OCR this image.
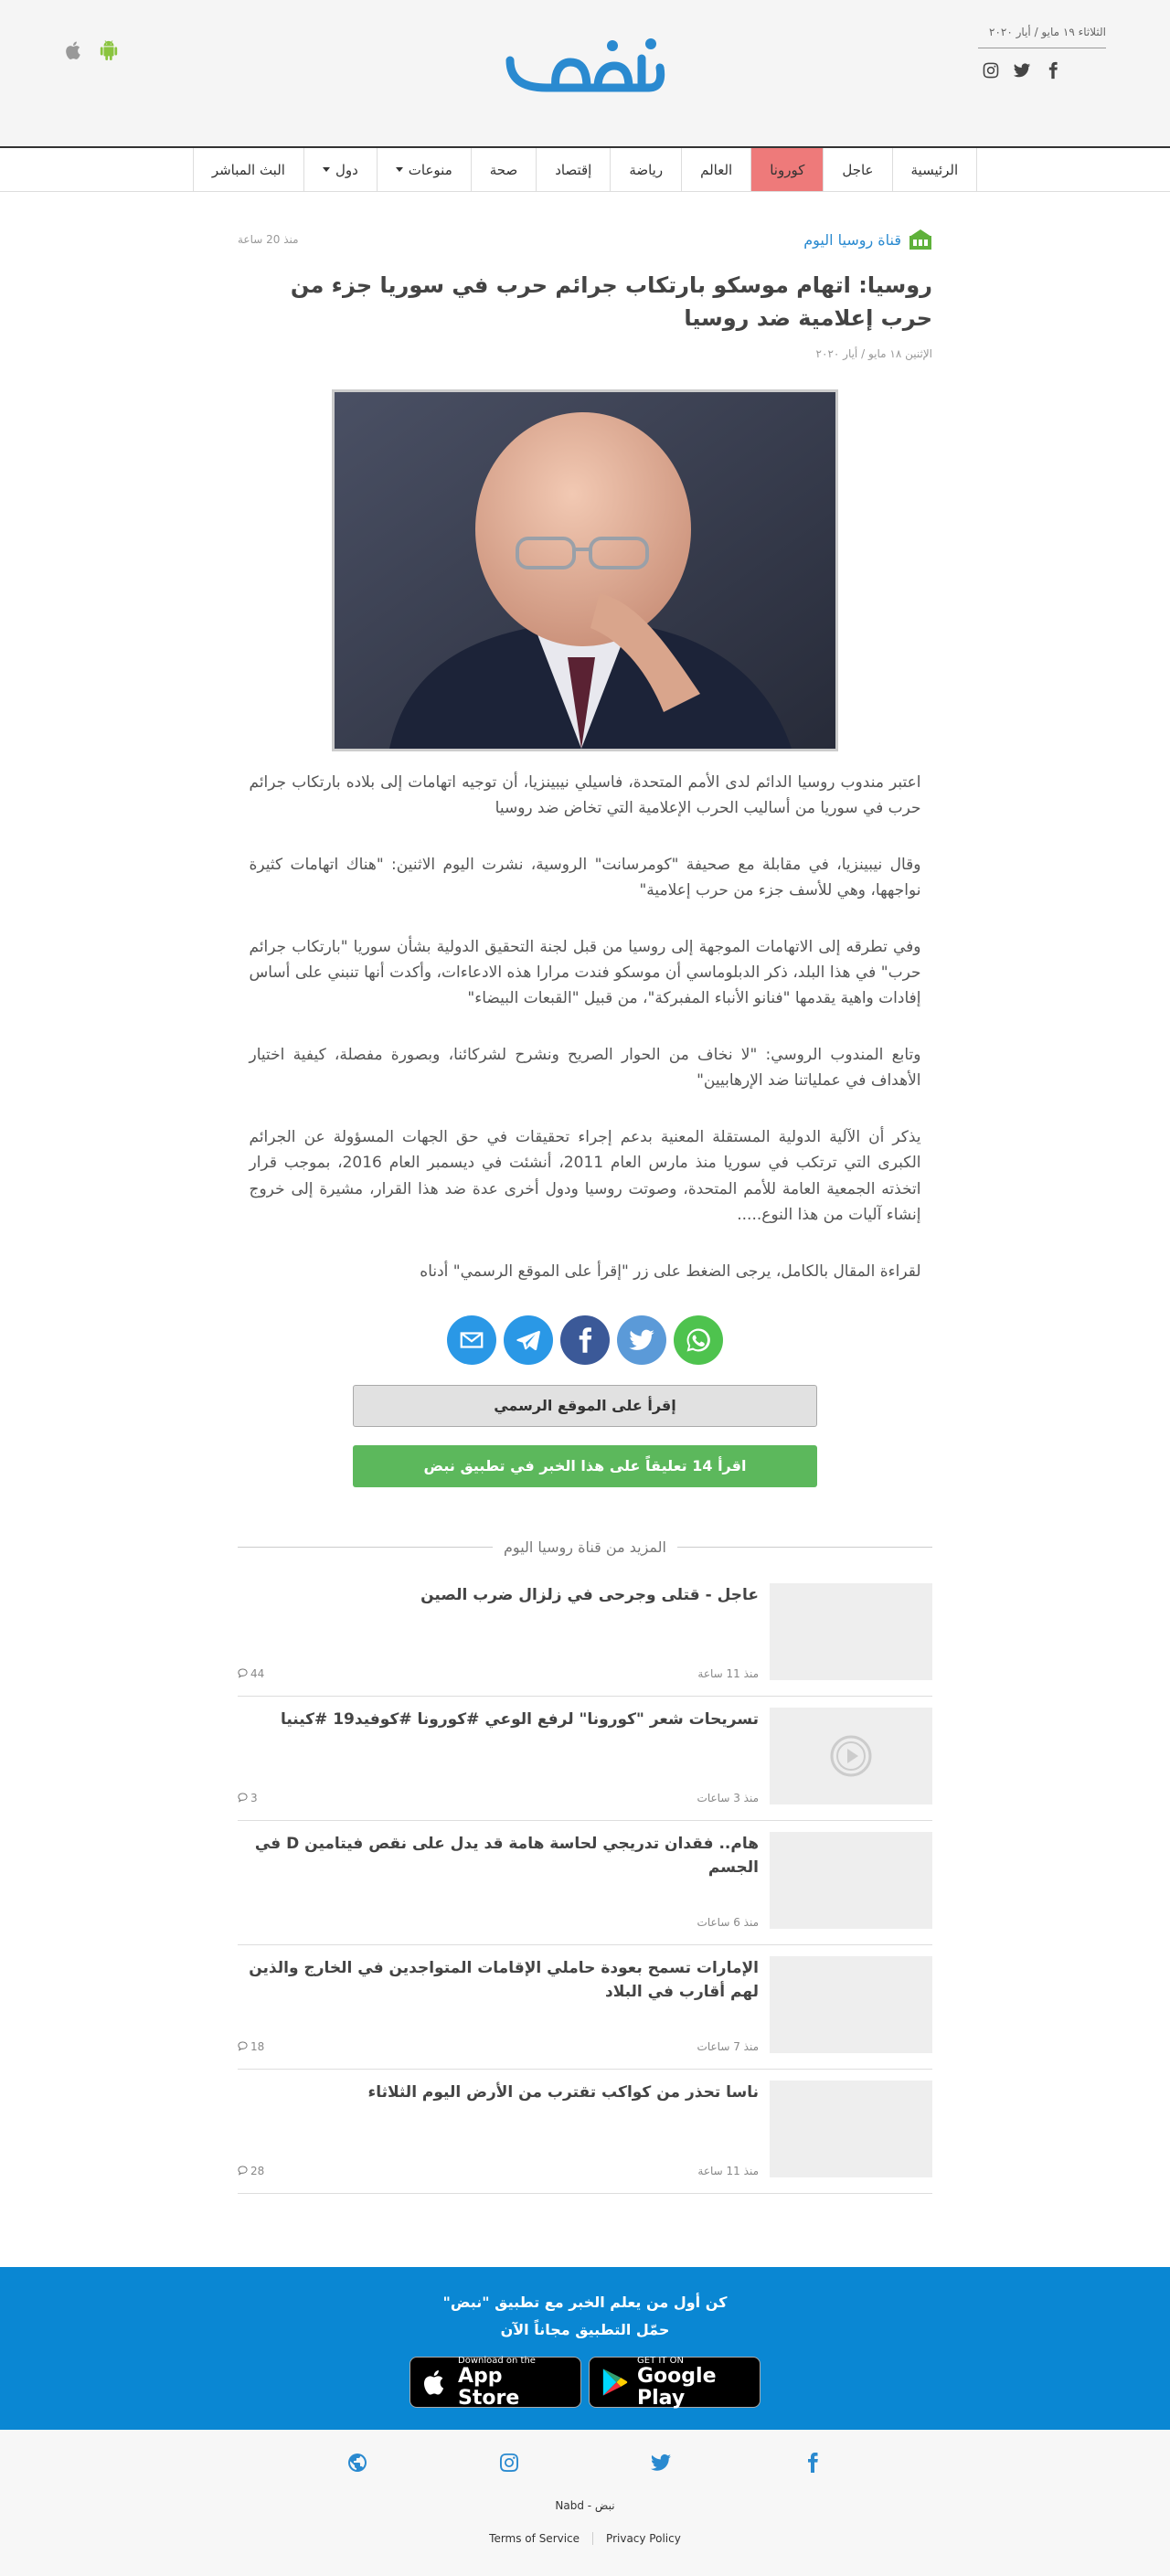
الثلاثاء ١٩ مايو / أيار ٢٠٢٠
الرئيسية
عاجل
كورونا
العالم
رياضة
إقتصاد
صحة
منوعات
دول
البث المباشر
قناة روسيا اليوم
منذ 20 ساعة
روسيا: اتهام موسكو بارتكاب جرائم حرب في سوريا جزء من حرب إعلامية ضد روسيا
الإثنين ١٨ مايو / أيار ٢٠٢٠

اعتبر مندوب روسيا الدائم لدى الأمم المتحدة، فاسيلي نيبينزيا، أن توجيه اتهامات إلى بلاده بارتكاب جرائم حرب في سوريا من أساليب الحرب الإعلامية التي تخاض ضد روسيا

وقال نيبينزيا، في مقابلة مع صحيفة "كومرسانت" الروسية، نشرت اليوم الاثنين: "هناك اتهامات كثيرة نواجهها، وهي للأسف جزء من حرب إعلامية"

وفي تطرقه إلى الاتهامات الموجهة إلى روسيا من قبل لجنة التحقيق الدولية بشأن سوريا "بارتكاب جرائم حرب" في هذا البلد، ذكر الدبلوماسي أن موسكو فندت مرارا هذه الادعاءات، وأكدت أنها تنبني على أساس إفادات واهية يقدمها "فنانو الأنباء المفبركة"، من قبيل "القبعات البيضاء"

وتابع المندوب الروسي: "لا نخاف من الحوار الصريح ونشرح لشركائنا، وبصورة مفصلة، كيفية اختيار الأهداف في عملياتنا ضد الإرهابيين"

يذكر أن الآلية الدولية المستقلة المعنية بدعم إجراء تحقيقات في حق الجهات المسؤولة عن الجرائم الكبرى التي ترتكب في سوريا منذ مارس العام 2011، أنشئت في ديسمبر العام 2016، بموجب قرار اتخذته الجمعية العامة للأمم المتحدة، وصوتت روسيا ودول أخرى عدة ضد هذا القرار، مشيرة إلى خروج إنشاء آليات من هذا النوع.....

لقراءة المقال بالكامل، يرجى الضغط على زر "إقرأ على الموقع الرسمي" أدناه

إقرأ على الموقع الرسمي
اقرأ 14 تعليقاً على هذا الخبر في تطبيق نبض
المزيد من قناة روسيا اليوم
عاجل - قتلى وجرحى في زلزال ضرب الصين
منذ 11 ساعة
44
تسريحات شعر "كورونا" لرفع الوعي #كورونا #كوفيد19 #كينيا
منذ 3 ساعات
3
هام.. فقدان تدريجي لحاسة هامة قد يدل على نقص فيتامين D في الجسم
منذ 6 ساعات
الإمارات تسمح بعودة حاملي الإقامات المتواجدين في الخارج والذين لهم أقارب في البلاد
منذ 7 ساعات
18
ناسا تحذر من كواكب تقترب من الأرض اليوم الثلاثاء
منذ 11 ساعة
28
كن أول من يعلم الخبر مع تطبيق "نبض"
حمّل التطبيق مجاناً الآن
Download on the
App Store
GET IT ON
Google Play
Nabd - نبض
Terms of Service	Privacy Policy
